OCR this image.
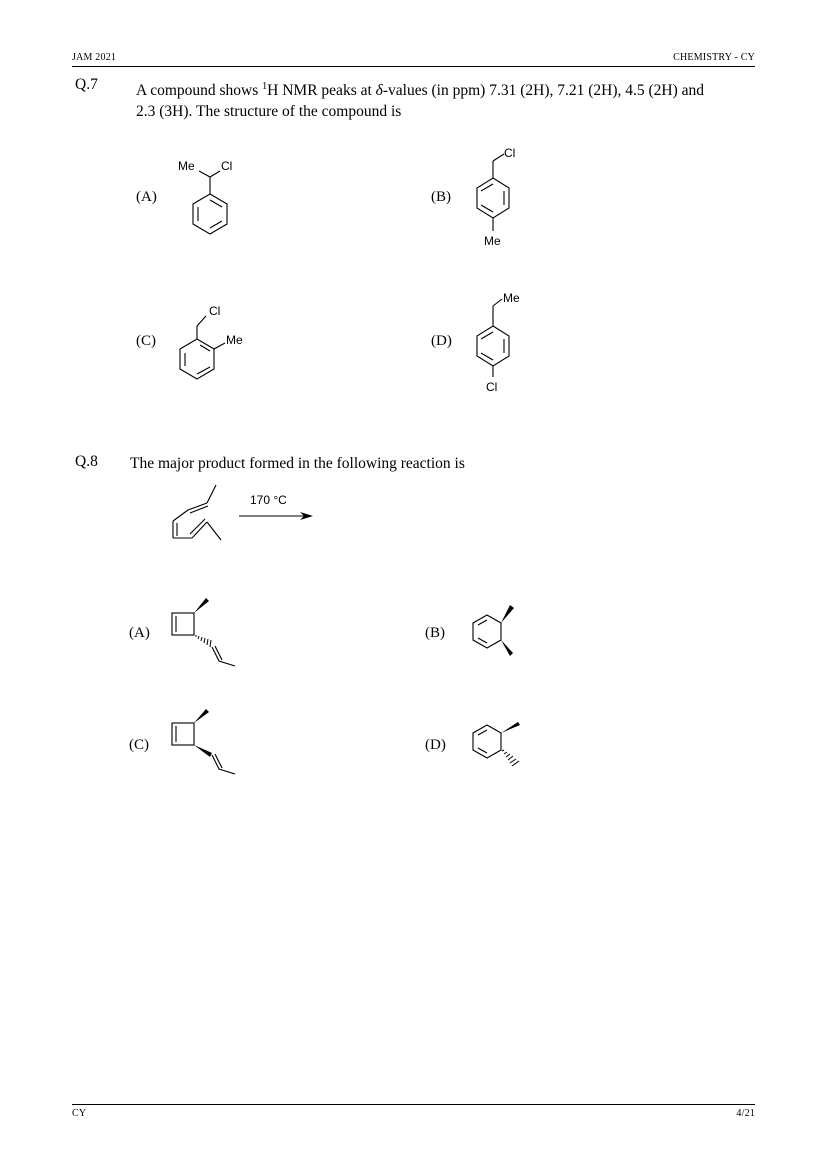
JAM 2021	CHEMISTRY - CY
Q.7 A compound shows $^1$H NMR peaks at δ-values (in ppm) 7.31 (2H), 7.21 (2H), 4.5 (2H) and
2.3 (3H). The structure of the compound is
(A)	(B)
(C)	(D)
Me Cl
Cl
Me
Cl
Me
Me
Cl
Q.8 The major product formed in the following reaction is
170 °C
(A)	(B)
(C)	(D)
CY	4/21
